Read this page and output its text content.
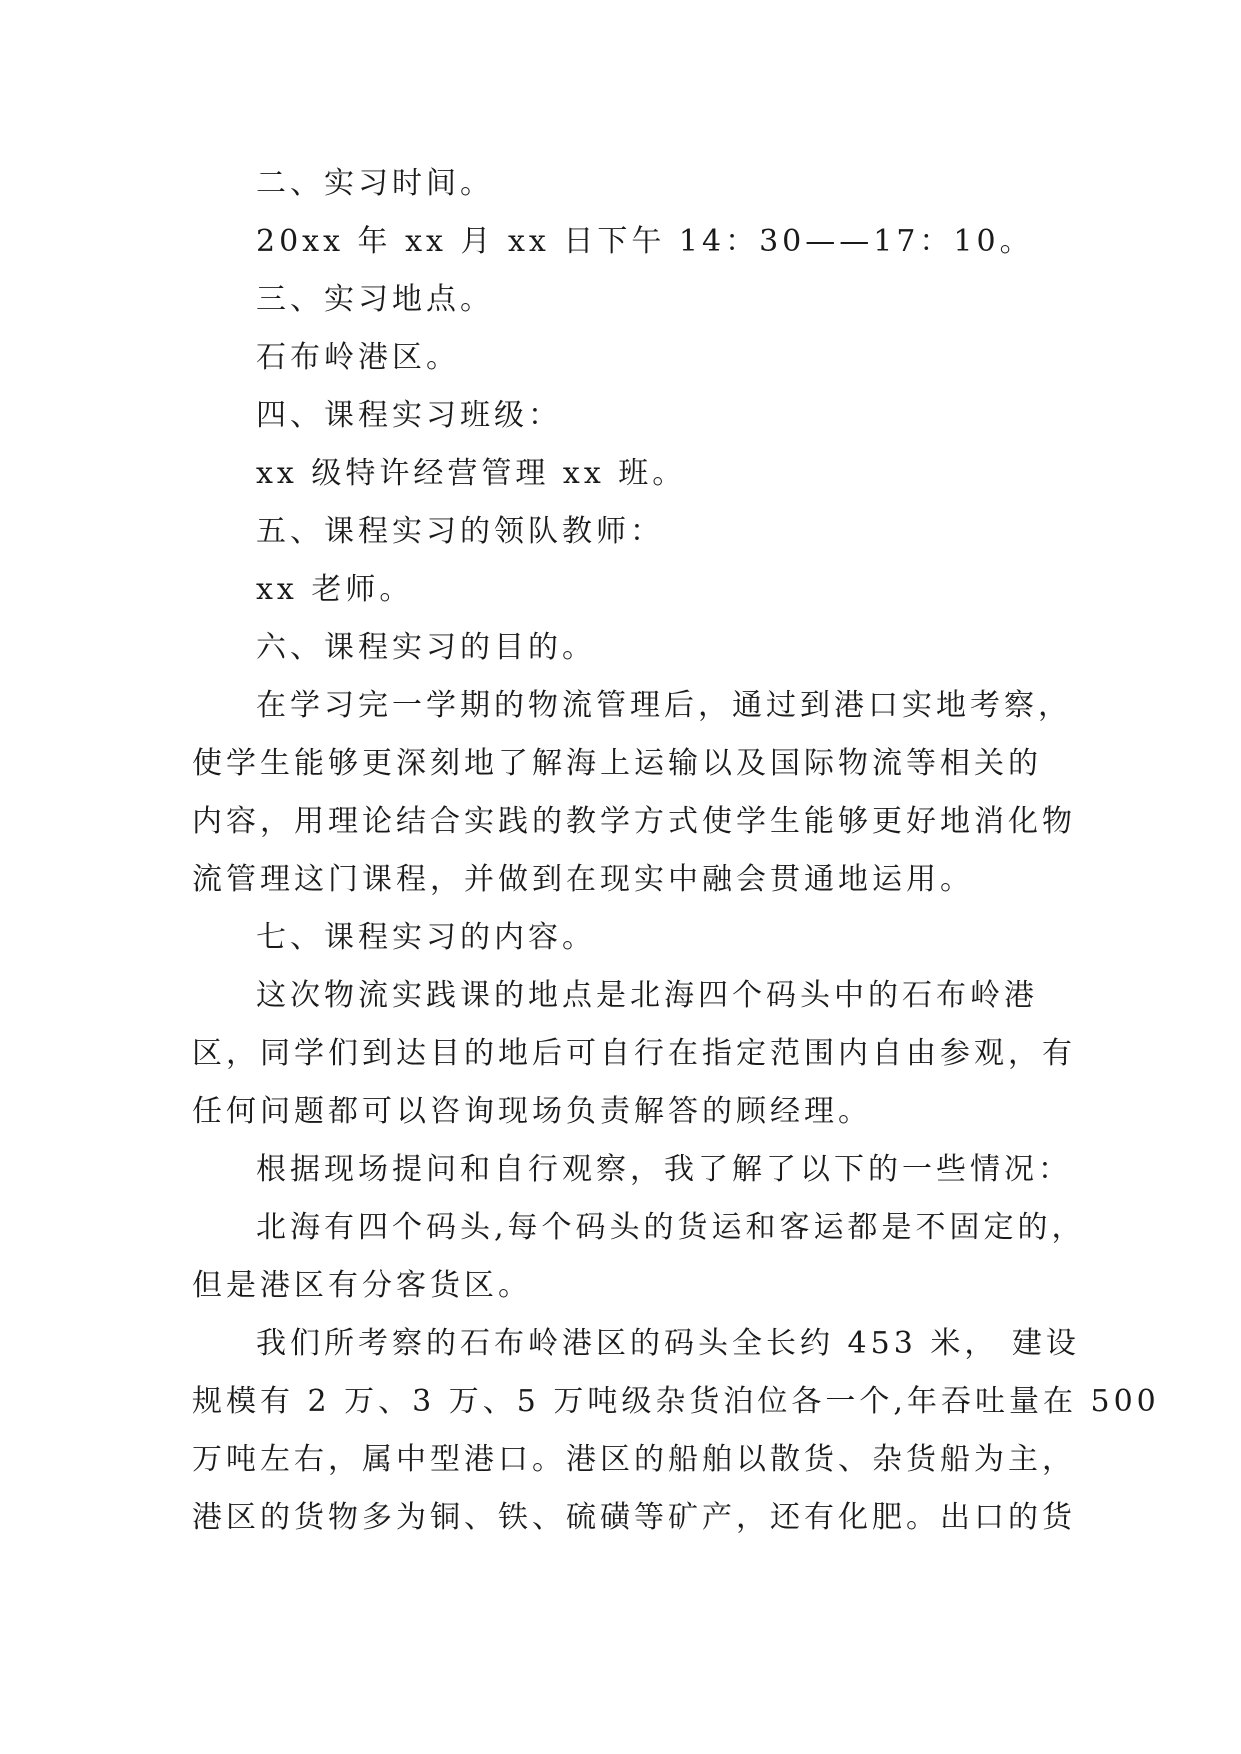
二、实习时间。
20xx 年 xx 月 xx 日下午 14：30——17：10。
三、实习地点。
石布岭港区。
四、课程实习班级：
xx 级特许经营管理 xx 班。
五、课程实习的领队教师：
xx 老师。
六、课程实习的目的。
在学习完一学期的物流管理后，通过到港口实地考察，
使学生能够更深刻地了解海上运输以及国际物流等相关的
内容，用理论结合实践的教学方式使学生能够更好地消化物
流管理这门课程，并做到在现实中融会贯通地运用。
七、课程实习的内容。
这次物流实践课的地点是北海四个码头中的石布岭港
区，同学们到达目的地后可自行在指定范围内自由参观，有
任何问题都可以咨询现场负责解答的顾经理。
根据现场提问和自行观察，我了解了以下的一些情况：
北海有四个码头,每个码头的货运和客运都是不固定的，
但是港区有分客货区。
我们所考察的石布岭港区的码头全长约 453 米， 建设
规模有 2 万、3 万、5 万吨级杂货泊位各一个,年吞吐量在 500
万吨左右，属中型港口。港区的船舶以散货、杂货船为主，
港区的货物多为铜、铁、硫磺等矿产，还有化肥。出口的货
